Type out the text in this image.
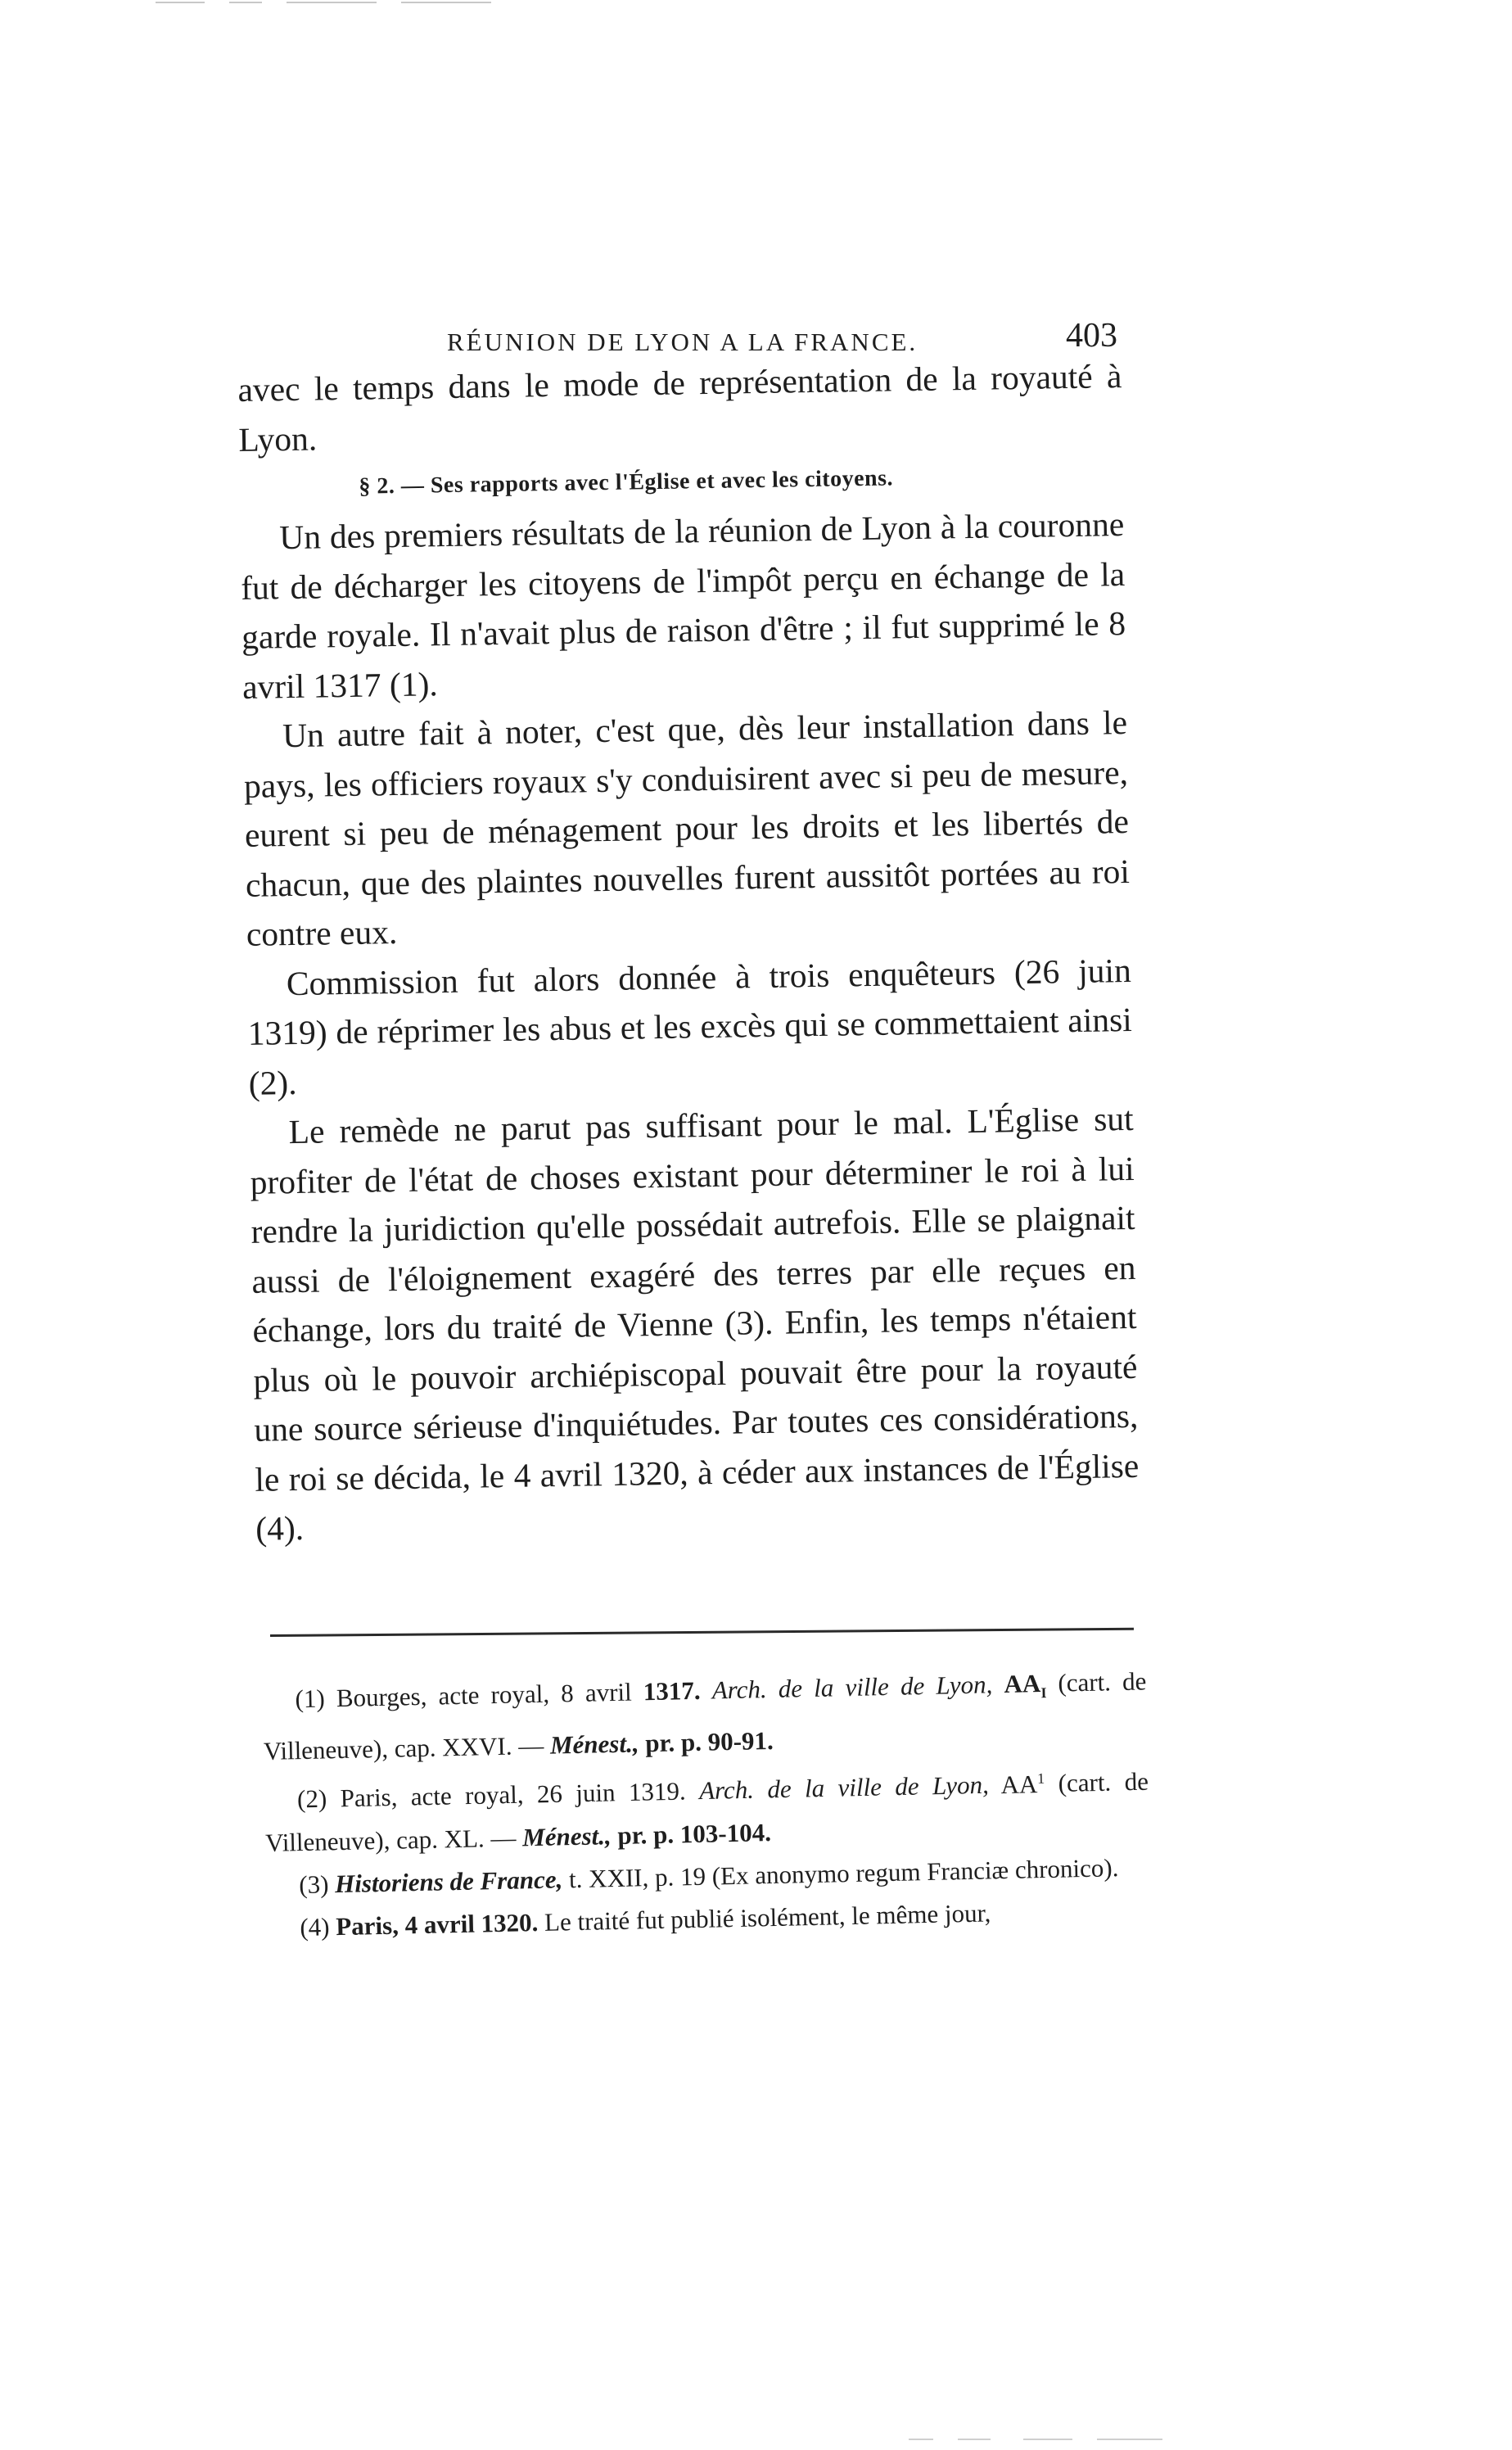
RÉUNION DE LYON A LA FRANCE.	403

avec le temps dans le mode de représentation de la royauté à Lyon.

§ 2. — Ses rapports avec l'Église et avec les citoyens.

Un des premiers résultats de la réunion de Lyon à la couronne fut de décharger les citoyens de l'impôt perçu en échange de la garde royale. Il n'avait plus de raison d'être ; il fut supprimé le 8 avril 1317 (1).

Un autre fait à noter, c'est que, dès leur installation dans le pays, les officiers royaux s'y conduisirent avec si peu de mesure, eurent si peu de ménagement pour les droits et les libertés de chacun, que des plaintes nouvelles furent aussitôt portées au roi contre eux.

Commission fut alors donnée à trois enquêteurs (26 juin 1319) de réprimer les abus et les excès qui se commettaient ainsi (2).

Le remède ne parut pas suffisant pour le mal. L'Église sut profiter de l'état de choses existant pour déterminer le roi à lui rendre la juridiction qu'elle possédait autrefois. Elle se plaignait aussi de l'éloignement exagéré des terres par elle reçues en échange, lors du traité de Vienne (3). Enfin, les temps n'étaient plus où le pouvoir archiépiscopal pouvait être pour la royauté une source sérieuse d'inquiétudes. Par toutes ces considérations, le roi se décida, le 4 avril 1320, à céder aux instances de l'Église (4).

(1) Bourges, acte royal, 8 avril 1317. Arch. de la ville de Lyon, $AA_I$ (cart. de Villeneuve), cap. XXVI. — Ménest., pr. p. 90-91.

(2) Paris, acte royal, 26 juin 1319. Arch. de la ville de Lyon, $AA^1$ (cart. de Villeneuve), cap. XL. — Ménest., pr. p. 103-104.

(3) Historiens de France, t. XXII, p. 19 (Ex anonymo regum Franciæ chronico).

(4) Paris, 4 avril 1320. Le traité fut publié isolément, le même jour,
